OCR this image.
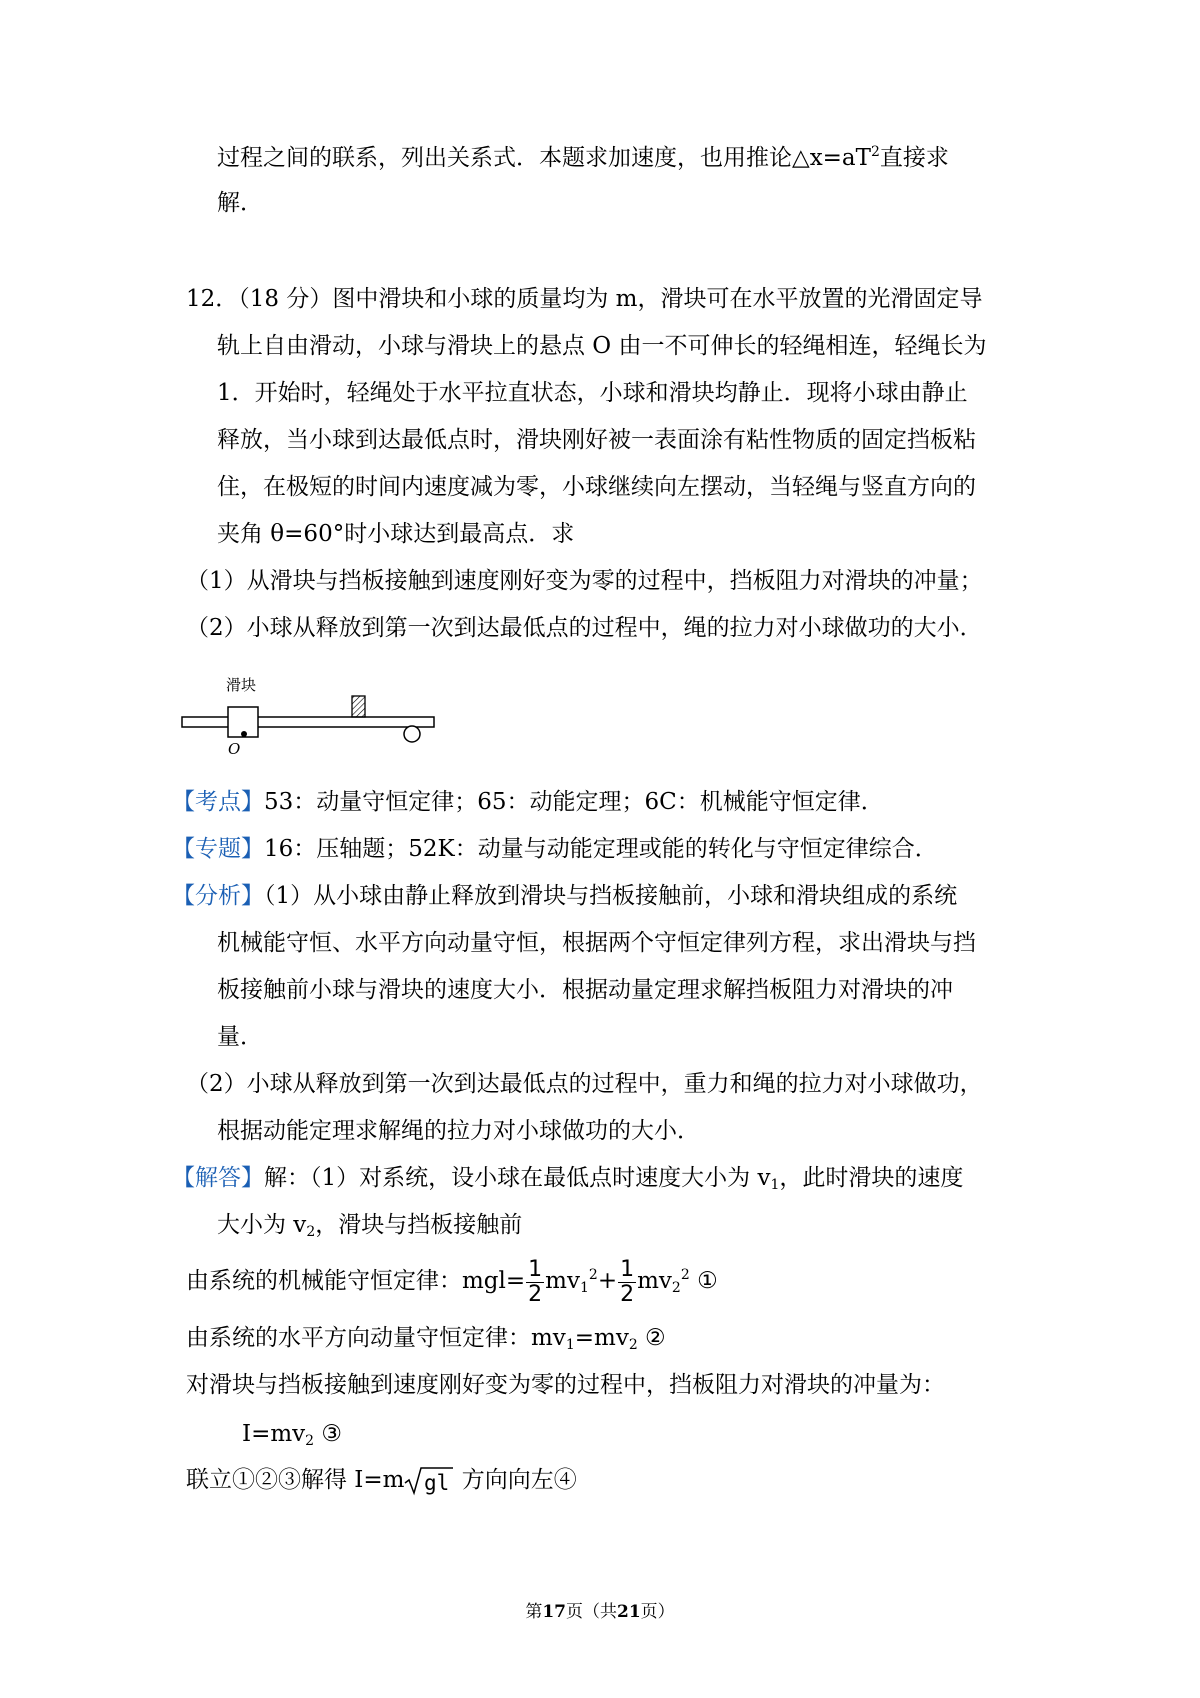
过程之间的联系，列出关系式．本题求加速度，也用推论$\triangle x=aT^2$直接求
解．
12．（18 分）图中滑块和小球的质量均为 m，滑块可在水平放置的光滑固定导
轨上自由滑动，小球与滑块上的悬点 O 由一不可伸长的轻绳相连，轻绳长为
1．开始时，轻绳处于水平拉直状态，小球和滑块均静止．现将小球由静止
释放，当小球到达最低点时，滑块刚好被一表面涂有粘性物质的固定挡板粘
住，在极短的时间内速度减为零，小球继续向左摆动，当轻绳与竖直方向的
夹角 θ=60°时小球达到最高点．求
（1）从滑块与挡板接触到速度刚好变为零的过程中，挡板阻力对滑块的冲量；
（2）小球从释放到第一次到达最低点的过程中，绳的拉力对小球做功的大小．
滑块
O
【考点】53：动量守恒定律；65：动能定理；6C：机械能守恒定律．
【专题】16：压轴题；52K：动量与动能定理或能的转化与守恒定律综合．
【分析】（1）从小球由静止释放到滑块与挡板接触前，小球和滑块组成的系统
机械能守恒、水平方向动量守恒，根据两个守恒定律列方程，求出滑块与挡
板接触前小球与滑块的速度大小．根据动量定理求解挡板阻力对滑块的冲
量．
（2）小球从释放到第一次到达最低点的过程中，重力和绳的拉力对小球做功，
根据动能定理求解绳的拉力对小球做功的大小．
【解答】解：（1）对系统，设小球在最低点时速度大小为 $v_1$，此时滑块的速度
大小为 $v_2$，滑块与挡板接触前
由系统的机械能守恒定律：$mgl= \frac{1}{2} mv_1^2+ \frac{1}{2} mv_2^2$ ①
由系统的水平方向动量守恒定律：$mv_1=mv_2$ ②
对滑块与挡板接触到速度刚好变为零的过程中，挡板阻力对滑块的冲量为：
$I=mv_2$ ③
联立①②③解得 I=m gl 方向向左④
第17页（共21页）
